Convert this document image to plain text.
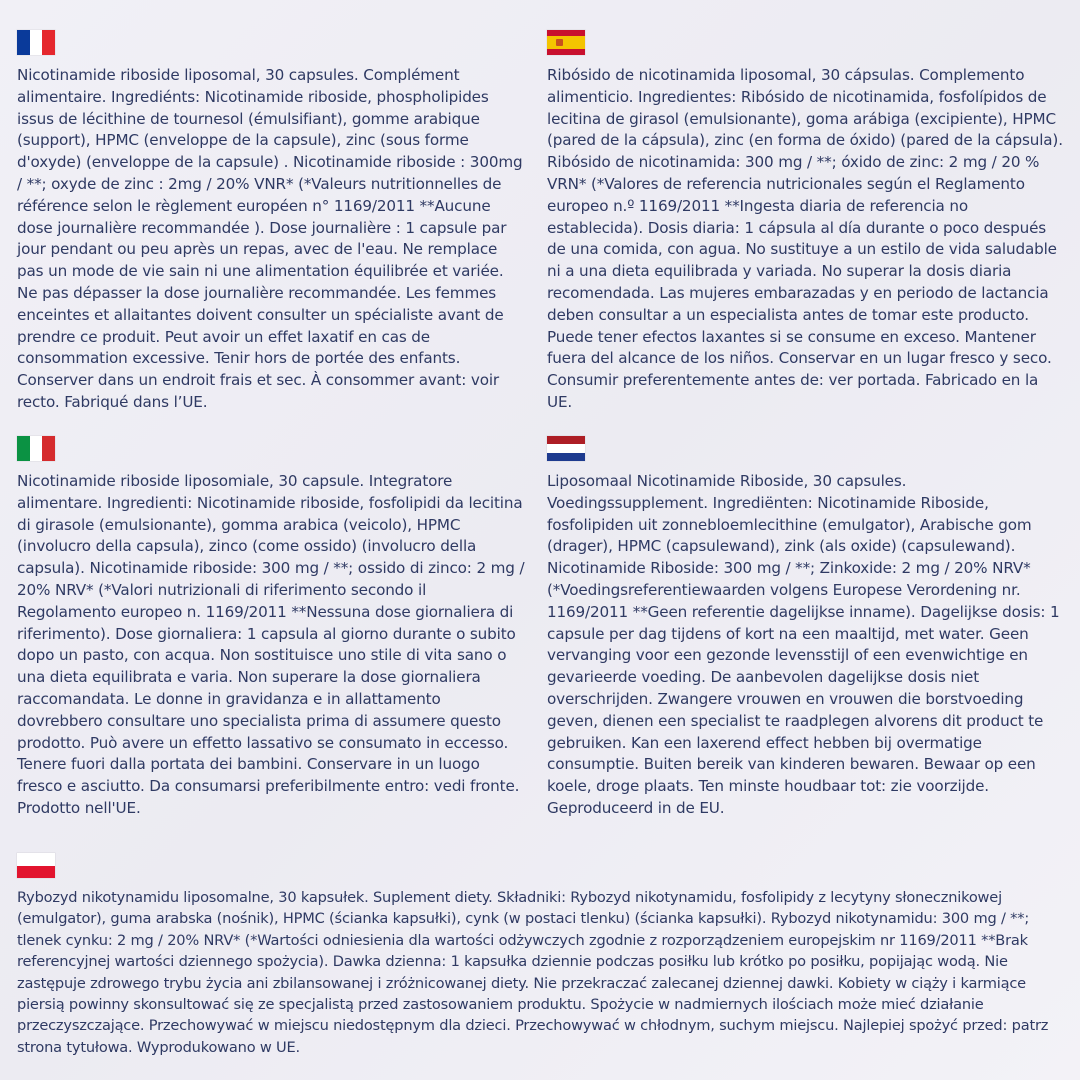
Nicotinamide riboside liposomal, 30 capsules. Complément alimentaire. Ingrediénts: Nicotinamide riboside, phospholipides issus de lécithine de tournesol (émulsifiant), gomme arabique (support), HPMC (enveloppe de la capsule), zinc (sous forme d'oxyde) (enveloppe de la capsule) . Nicotinamide riboside : 300mg / **; oxyde de zinc : 2mg / 20% VNR* (*Valeurs nutritionnelles de référence selon le règlement européen n° 1169/2011 **Aucune dose journalière recommandée ). Dose journalière : 1 capsule par jour pendant ou peu après un repas, avec de l'eau. Ne remplace pas un mode de vie sain ni une alimentation équilibrée et variée. Ne pas dépasser la dose journalière recommandée. Les femmes enceintes et allaitantes doivent consulter un spécialiste avant de prendre ce produit. Peut avoir un effet laxatif en cas de consommation excessive. Tenir hors de portée des enfants. Conserver dans un endroit frais et sec. À consommer avant: voir recto. Fabriqué dans l’UE.

Ribósido de nicotinamida liposomal, 30 cápsulas. Complemento alimenticio. Ingredientes: Ribósido de nicotinamida, fosfolípidos de lecitina de girasol (emulsionante), goma arábiga (excipiente), HPMC (pared de la cápsula), zinc (en forma de óxido) (pared de la cápsula). Ribósido de nicotinamida: 300 mg / **; óxido de zinc: 2 mg / 20 % VRN* (*Valores de referencia nutricionales según el Reglamento europeo n.º 1169/2011 **Ingesta diaria de referencia no establecida). Dosis diaria: 1 cápsula al día durante o poco después de una comida, con agua. No sustituye a un estilo de vida saludable ni a una dieta equilibrada y variada. No superar la dosis diaria recomendada. Las mujeres embarazadas y en periodo de lactancia deben consultar a un especialista antes de tomar este producto. Puede tener efectos laxantes si se consume en exceso. Mantener fuera del alcance de los niños. Conservar en un lugar fresco y seco. Consumir preferentemente antes de: ver portada. Fabricado en la UE.

Nicotinamide riboside liposomiale, 30 capsule. Integratore alimentare. Ingredienti: Nicotinamide riboside, fosfolipidi da lecitina di girasole (emulsionante), gomma arabica (veicolo), HPMC (involucro della capsula), zinco (come ossido) (involucro della capsula). Nicotinamide riboside: 300 mg / **; ossido di zinco: 2 mg / 20% NRV* (*Valori nutrizionali di riferimento secondo il Regolamento europeo n. 1169/2011 **Nessuna dose giornaliera di riferimento). Dose giornaliera: 1 capsula al giorno durante o subito dopo un pasto, con acqua. Non sostituisce uno stile di vita sano o una dieta equilibrata e varia. Non superare la dose giornaliera raccomandata. Le donne in gravidanza e in allattamento dovrebbero consultare uno specialista prima di assumere questo prodotto. Può avere un effetto lassativo se consumato in eccesso. Tenere fuori dalla portata dei bambini. Conservare in un luogo fresco e asciutto. Da consumarsi preferibilmente entro: vedi fronte. Prodotto nell'UE.

Liposomaal Nicotinamide Riboside, 30 capsules. Voedingssupplement. Ingrediënten: Nicotinamide Riboside, fosfolipiden uit zonnebloemlecithine (emulgator), Arabische gom (drager), HPMC (capsulewand), zink (als oxide) (capsulewand). Nicotinamide Riboside: 300 mg / **; Zinkoxide: 2 mg / 20% NRV* (*Voedingsreferentiewaarden volgens Europese Verordening nr. 1169/2011 **Geen referentie dagelijkse inname). Dagelijkse dosis: 1 capsule per dag tijdens of kort na een maaltijd, met water. Geen vervanging voor een gezonde levensstijl of een evenwichtige en gevarieerde voeding. De aanbevolen dagelijkse dosis niet overschrijden. Zwangere vrouwen en vrouwen die borstvoeding geven, dienen een specialist te raadplegen alvorens dit product te gebruiken. Kan een laxerend effect hebben bij overmatige consumptie. Buiten bereik van kinderen bewaren. Bewaar op een koele, droge plaats. Ten minste houdbaar tot: zie voorzijde. Geproduceerd in de EU.

Rybozyd nikotynamidu liposomalne, 30 kapsułek. Suplement diety. Składniki: Rybozyd nikotynamidu, fosfolipidy z lecytyny słonecznikowej (emulgator), guma arabska (nośnik), HPMC (ścianka kapsułki), cynk (w postaci tlenku) (ścianka kapsułki). Rybozyd nikotynamidu: 300 mg / **; tlenek cynku: 2 mg / 20% NRV* (*Wartości odniesienia dla wartości odżywczych zgodnie z rozporządzeniem europejskim nr 1169/2011 **Brak referencyjnej wartości dziennego spożycia). Dawka dzienna: 1 kapsułka dziennie podczas posiłku lub krótko po posiłku, popijając wodą. Nie zastępuje zdrowego trybu życia ani zbilansowanej i zróżnicowanej diety. Nie przekraczać zalecanej dziennej dawki. Kobiety w ciąży i karmiące piersią powinny skonsultować się ze specjalistą przed zastosowaniem produktu. Spożycie w nadmiernych ilościach może mieć działanie przeczyszczające. Przechowywać w miejscu niedostępnym dla dzieci. Przechowywać w chłodnym, suchym miejscu. Najlepiej spożyć przed: patrz strona tytułowa. Wyprodukowano w UE.
